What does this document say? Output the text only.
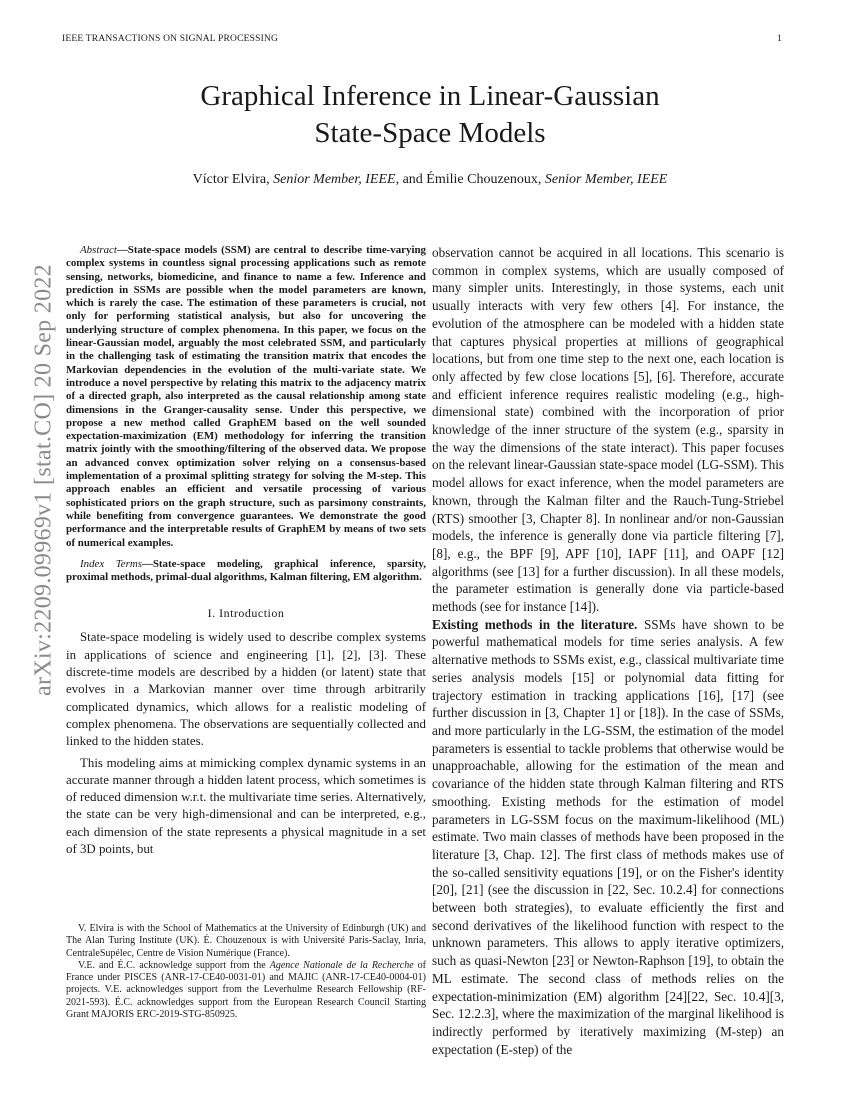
IEEE TRANSACTIONS ON SIGNAL PROCESSING	1
arXiv:2209.09969v1 [stat.CO] 20 Sep 2022
Graphical Inference in Linear-Gaussian
State-Space Models
Víctor Elvira, Senior Member, IEEE, and Émilie Chouzenoux, Senior Member, IEEE

Abstract—State-space models (SSM) are central to describe time-varying complex systems in countless signal processing applications such as remote sensing, networks, biomedicine, and finance to name a few. Inference and prediction in SSMs are possible when the model parameters are known, which is rarely the case. The estimation of these parameters is crucial, not only for performing statistical analysis, but also for uncovering the underlying structure of complex phenomena. In this paper, we focus on the linear-Gaussian model, arguably the most celebrated SSM, and particularly in the challenging task of estimating the transition matrix that encodes the Markovian dependencies in the evolution of the multi-variate state. We introduce a novel perspective by relating this matrix to the adjacency matrix of a directed graph, also interpreted as the causal relationship among state dimensions in the Granger-causality sense. Under this perspective, we propose a new method called GraphEM based on the well sounded expectation-maximization (EM) methodology for inferring the transition matrix jointly with the smoothing/filtering of the observed data. We propose an advanced convex optimization solver relying on a consensus-based implementation of a proximal splitting strategy for solving the M-step. This approach enables an efficient and versatile processing of various sophisticated priors on the graph structure, such as parsimony constraints, while benefiting from convergence guarantees. We demonstrate the good performance and the interpretable results of GraphEM by means of two sets of numerical examples.

Index Terms—State-space modeling, graphical inference, sparsity, proximal methods, primal-dual algorithms, Kalman filtering, EM algorithm.

I. Introduction

State-space modeling is widely used to describe complex systems in applications of science and engineering [1], [2], [3]. These discrete-time models are described by a hidden (or latent) state that evolves in a Markovian manner over time through arbitrarily complicated dynamics, which allows for a realistic modeling of complex phenomena. The observations are sequentially collected and linked to the hidden states.

This modeling aims at mimicking complex dynamic systems in an accurate manner through a hidden latent process, which sometimes is of reduced dimension w.r.t. the multivariate time series. Alternatively, the state can be very high-dimensional and can be interpreted, e.g., each dimension of the state represents a physical magnitude in a set of 3D points, but

V. Elvira is with the School of Mathematics at the University of Edinburgh (UK) and The Alan Turing Institute (UK). É. Chouzenoux is with Université Paris-Saclay, Inria, CentraleSupélec, Centre de Vision Numérique (France).

V.E. and É.C. acknowledge support from the Agence Nationale de la Recherche of France under PISCES (ANR-17-CE40-0031-01) and MAJIC (ANR-17-CE40-0004-01) projects. V.E. acknowledges support from the Leverhulme Research Fellowship (RF-2021-593). É.C. acknowledges support from the European Research Council Starting Grant MAJORIS ERC-2019-STG-850925.

observation cannot be acquired in all locations. This scenario is common in complex systems, which are usually composed of many simpler units. Interestingly, in those systems, each unit usually interacts with very few others [4]. For instance, the evolution of the atmosphere can be modeled with a hidden state that captures physical properties at millions of geographical locations, but from one time step to the next one, each location is only affected by few close locations [5], [6]. Therefore, accurate and efficient inference requires realistic modeling (e.g., high-dimensional state) combined with the incorporation of prior knowledge of the inner structure of the system (e.g., sparsity in the way the dimensions of the state interact). This paper focuses on the relevant linear-Gaussian state-space model (LG-SSM). This model allows for exact inference, when the model parameters are known, through the Kalman filter and the Rauch-Tung-Striebel (RTS) smoother [3, Chapter 8]. In nonlinear and/or non-Gaussian models, the inference is generally done via particle filtering [7], [8], e.g., the BPF [9], APF [10], IAPF [11], and OAPF [12] algorithms (see [13] for a further discussion). In all these models, the parameter estimation is generally done via particle-based methods (see for instance [14]).

Existing methods in the literature. SSMs have shown to be powerful mathematical models for time series analysis. A few alternative methods to SSMs exist, e.g., classical multivariate time series analysis models [15] or polynomial data fitting for trajectory estimation in tracking applications [16], [17] (see further discussion in [3, Chapter 1] or [18]). In the case of SSMs, and more particularly in the LG-SSM, the estimation of the model parameters is essential to tackle problems that otherwise would be unapproachable, allowing for the estimation of the mean and covariance of the hidden state through Kalman filtering and RTS smoothing. Existing methods for the estimation of model parameters in LG-SSM focus on the maximum-likelihood (ML) estimate. Two main classes of methods have been proposed in the literature [3, Chap. 12]. The first class of methods makes use of the so-called sensitivity equations [19], or on the Fisher's identity [20], [21] (see the discussion in [22, Sec. 10.2.4] for connections between both strategies), to evaluate efficiently the first and second derivatives of the likelihood function with respect to the unknown parameters. This allows to apply iterative optimizers, such as quasi-Newton [23] or Newton-Raphson [19], to obtain the ML estimate. The second class of methods relies on the expectation-minimization (EM) algorithm [24][22, Sec. 10.4][3, Sec. 12.2.3], where the maximization of the marginal likelihood is indirectly performed by iteratively maximizing (M-step) an expectation (E-step) of the
